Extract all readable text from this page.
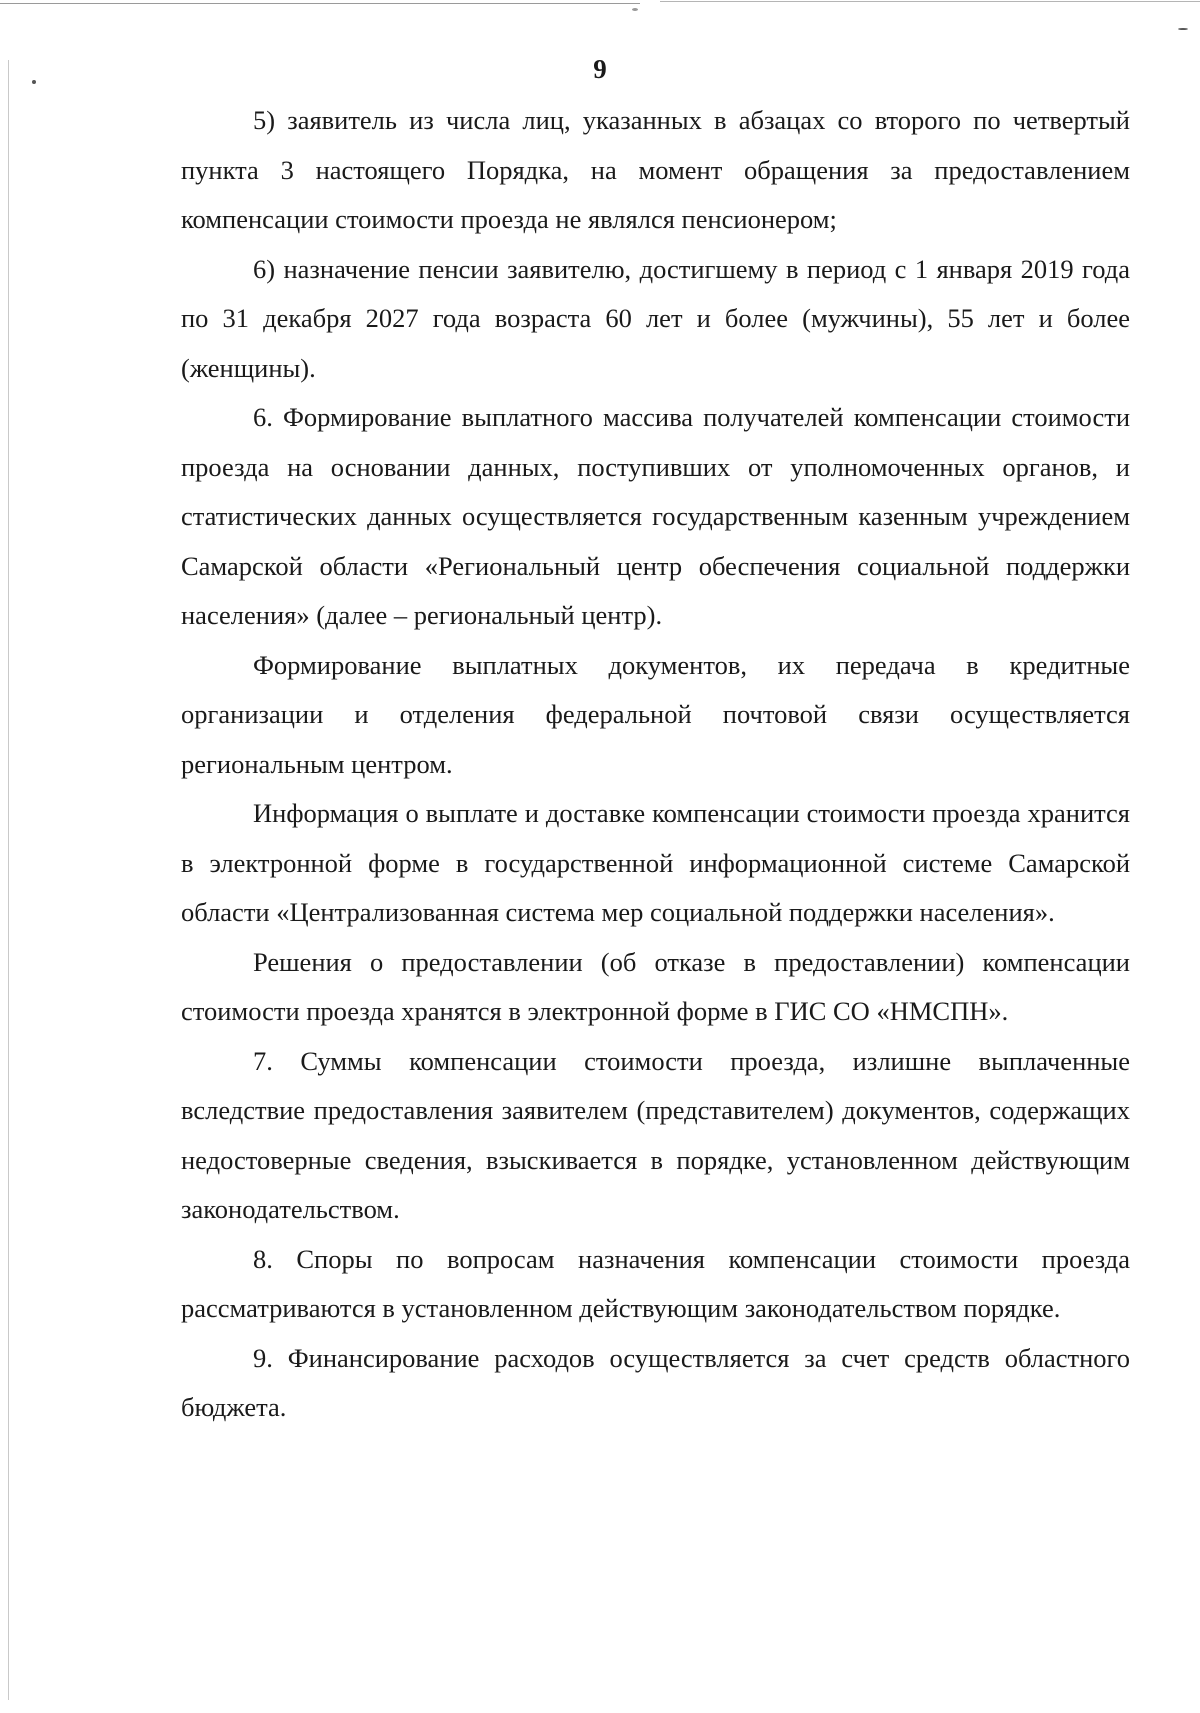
9

5) заявитель из числа лиц, указанных в абзацах со второго по четвертый пункта 3 настоящего Порядка, на момент обращения за предоставлением компенсации стоимости проезда не являлся пенсионером;

6) назначение пенсии заявителю, достигшему в период с 1 января 2019 года по 31 декабря 2027 года возраста 60 лет и более (мужчины), 55 лет и более (женщины).

6. Формирование выплатного массива получателей компенсации стоимости проезда на основании данных, поступивших от уполномоченных органов, и статистических данных осуществляется государственным казенным учреждением Самарской области «Региональный центр обеспечения социальной поддержки населения» (далее – региональный центр).

Формирование выплатных документов, их передача в кредитные организации и отделения федеральной почтовой связи осуществляется региональным центром.

Информация о выплате и доставке компенсации стоимости проезда хранится в электронной форме в государственной информационной системе Самарской области «Централизованная система мер социальной поддержки населения».

Решения о предоставлении (об отказе в предоставлении) компенсации стоимости проезда хранятся в электронной форме в ГИС СО «НМСПН».

7. Суммы компенсации стоимости проезда, излишне выплаченные вследствие предоставления заявителем (представителем) документов, содержащих недостоверные сведения, взыскивается в порядке, установленном действующим законодательством.

8. Споры по вопросам назначения компенсации стоимости проезда рассматриваются в установленном действующим законодательством порядке.

9. Финансирование расходов осуществляется за счет средств областного бюджета.
